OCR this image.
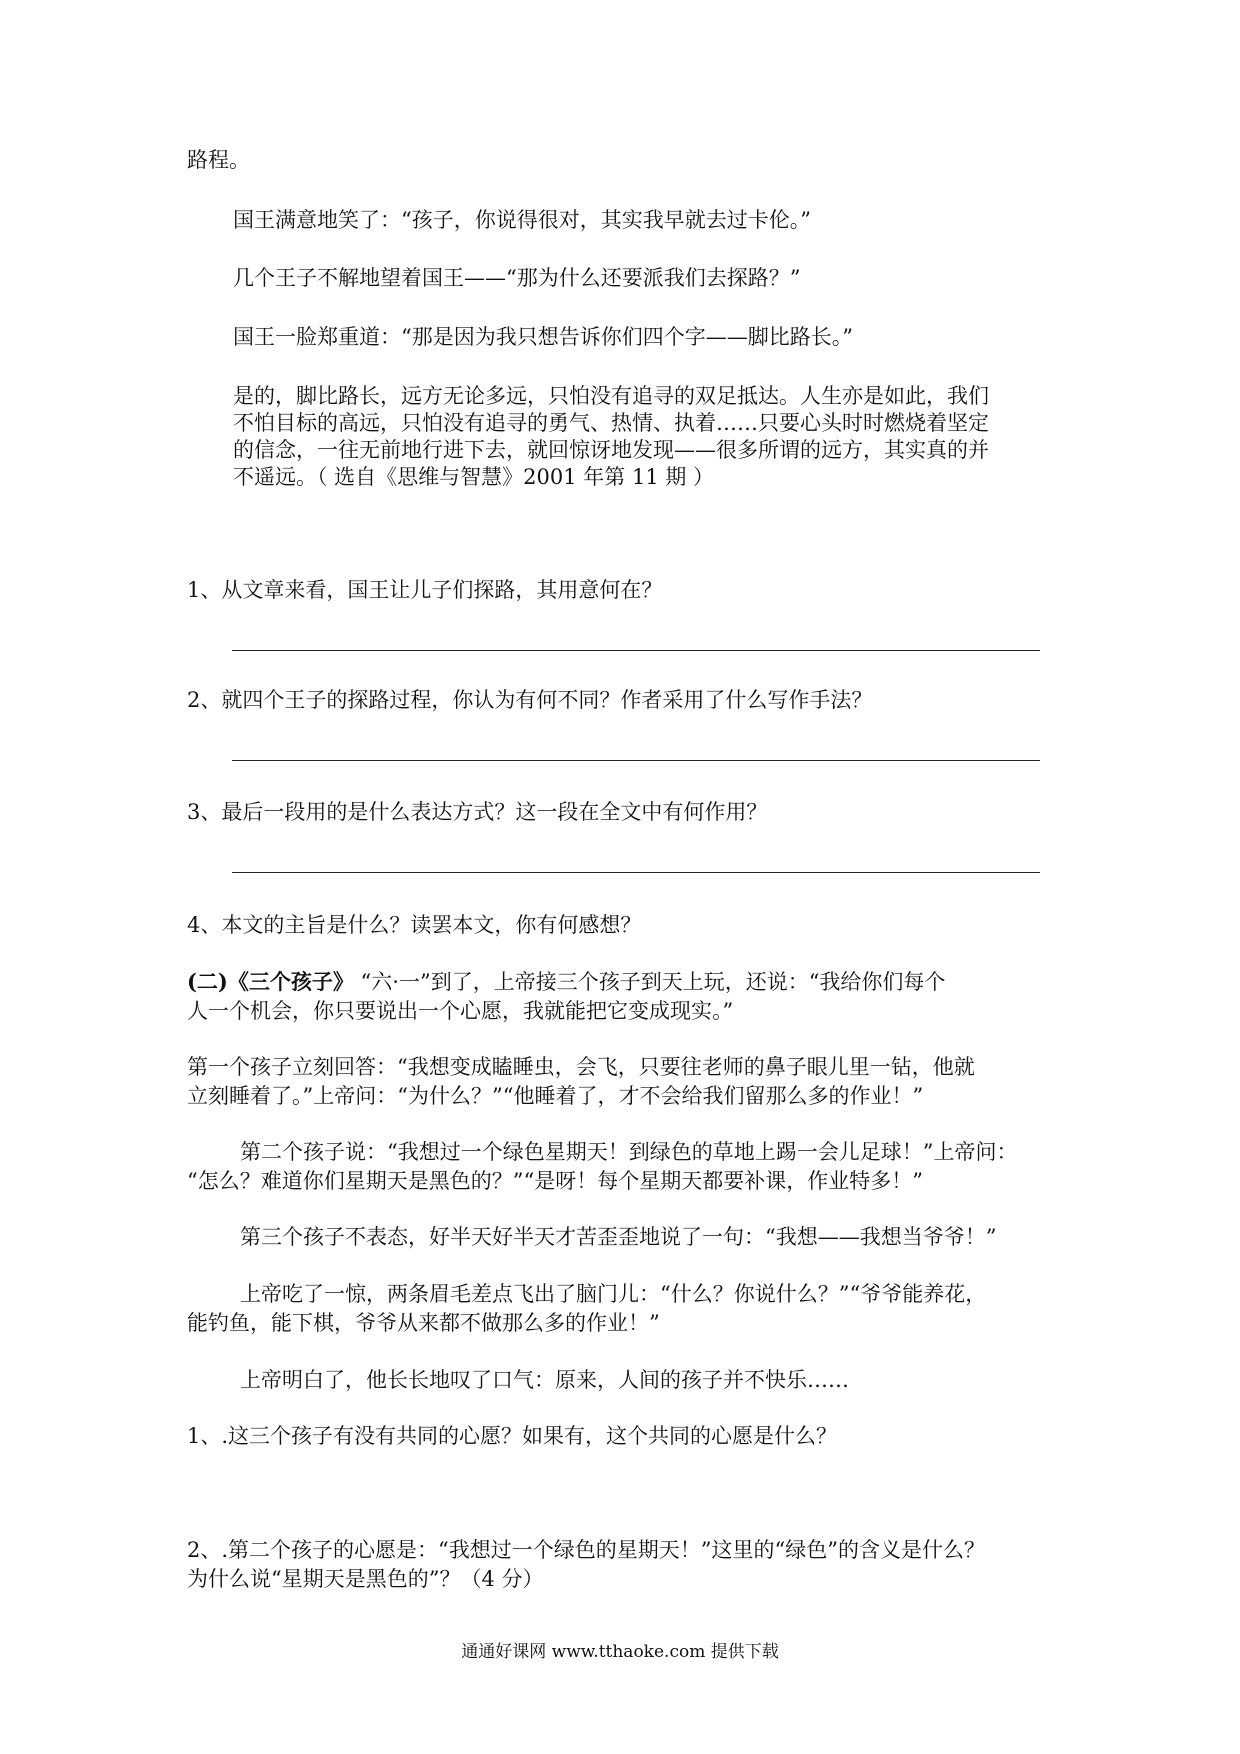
路程。
国王满意地笑了：“孩子，你说得很对，其实我早就去过卡伦。”
几个王子不解地望着国王——“那为什么还要派我们去探路？”
国王一脸郑重道：“那是因为我只想告诉你们四个字——脚比路长。”
是的，脚比路长，远方无论多远，只怕没有追寻的双足抵达。人生亦是如此，我们
不怕目标的高远，只怕没有追寻的勇气、热情、执着……只要心头时时燃烧着坚定
的信念，一往无前地行进下去，就回惊讶地发现——很多所谓的远方，其实真的并
不遥远。（ 选自《思维与智慧》2001 年第 11 期 ）
1、从文章来看，国王让儿子们探路，其用意何在？
2、就四个王子的探路过程，你认为有何不同？作者采用了什么写作手法？
3、最后一段用的是什么表达方式？这一段在全文中有何作用？
4、本文的主旨是什么？读罢本文，你有何感想？
(二)《三个孩子》 “六·一”到了，上帝接三个孩子到天上玩，还说：“我给你们每个
人一个机会，你只要说出一个心愿，我就能把它变成现实。”
第一个孩子立刻回答：“我想变成瞌睡虫，会飞，只要往老师的鼻子眼儿里一钻，他就
立刻睡着了。”上帝问：“为什么？”“他睡着了，才不会给我们留那么多的作业！”
第二个孩子说：“我想过一个绿色星期天！到绿色的草地上踢一会儿足球！”上帝问：
“怎么？难道你们星期天是黑色的？”“是呀！每个星期天都要补课，作业特多！”
第三个孩子不表态，好半天好半天才苦歪歪地说了一句：“我想——我想当爷爷！”
上帝吃了一惊，两条眉毛差点飞出了脑门儿：“什么？你说什么？”“爷爷能养花，
能钓鱼，能下棋，爷爷从来都不做那么多的作业！”
上帝明白了，他长长地叹了口气：原来，人间的孩子并不快乐……
1、.这三个孩子有没有共同的心愿？如果有，这个共同的心愿是什么？
2、.第二个孩子的心愿是：“我想过一个绿色的星期天！”这里的“绿色”的含义是什么？
为什么说“星期天是黑色的”？（4 分）
通通好课网 www.tthaoke.com 提供下载
